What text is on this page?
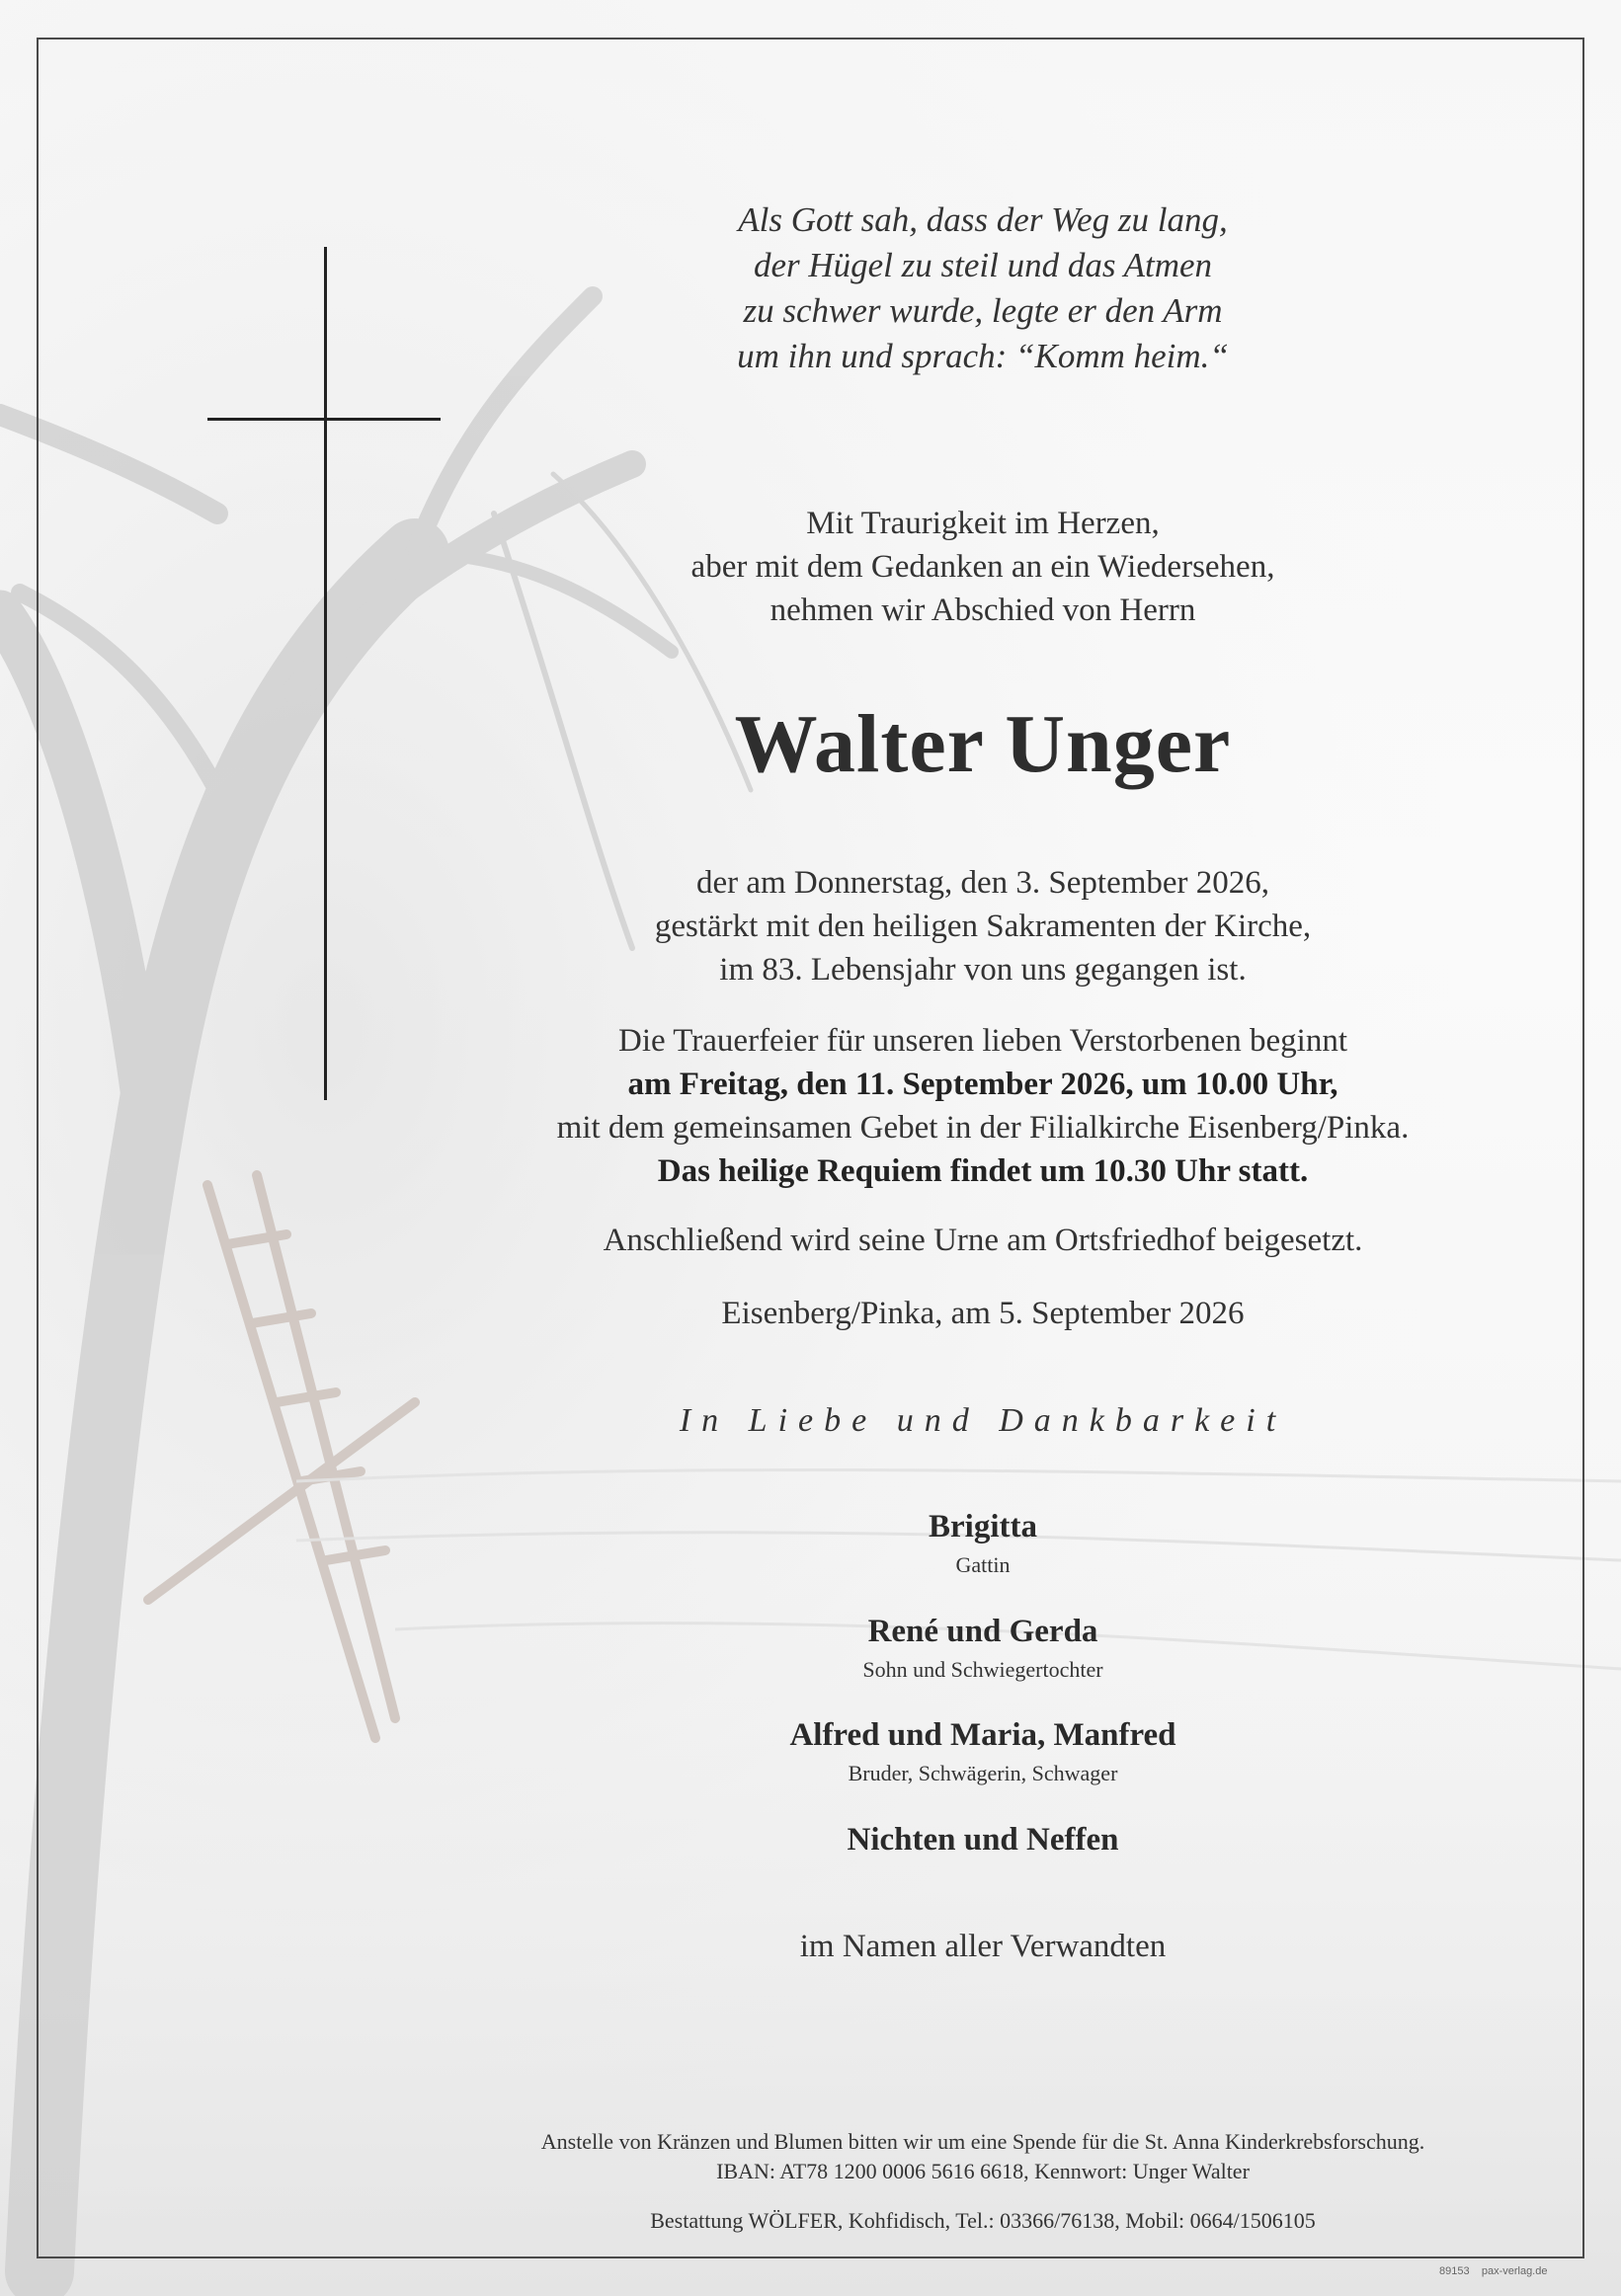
Als Gott sah, dass der Weg zu lang,
der Hügel zu steil und das Atmen
zu schwer wurde, legte er den Arm
um ihn und sprach: “Komm heim.“
Mit Traurigkeit im Herzen,
aber mit dem Gedanken an ein Wiedersehen,
nehmen wir Abschied von Herrn
Walter Unger
der am Donnerstag, den 3. September 2026,
gestärkt mit den heiligen Sakramenten der Kirche,
im 83. Lebensjahr von uns gegangen ist.
Die Trauerfeier für unseren lieben Verstorbenen beginnt
am Freitag, den 11. September 2026, um 10.00 Uhr,
mit dem gemeinsamen Gebet in der Filialkirche Eisenberg/Pinka.
Das heilige Requiem findet um 10.30 Uhr statt.
Anschließend wird seine Urne am Ortsfriedhof beigesetzt.
Eisenberg/Pinka, am 5. September 2026
In Liebe und Dankbarkeit
Brigitta
Gattin
René und Gerda
Sohn und Schwiegertochter
Alfred und Maria, Manfred
Bruder, Schwägerin, Schwager
Nichten und Neffen
im Namen aller Verwandten
Anstelle von Kränzen und Blumen bitten wir um eine Spende für die St. Anna Kinderkrebsforschung.
IBAN: AT78 1200 0006 5616 6618, Kennwort: Unger Walter
Bestattung WÖLFER, Kohfidisch, Tel.: 03366/76138, Mobil: 0664/1506105
89153 pax-verlag.de
